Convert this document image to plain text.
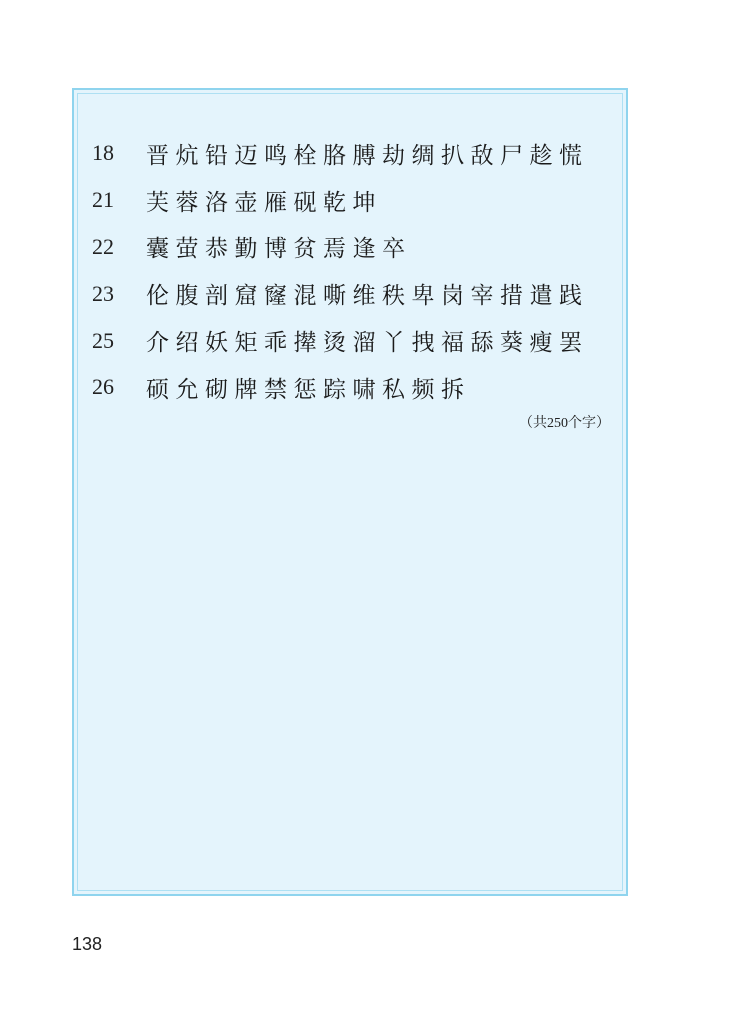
18	晋炕铅迈鸣栓胳膊劫绸扒敌尸趁慌
21	芙蓉洛壶雁砚乾坤
22	囊萤恭勤博贫焉逢卒
23	伦腹剖窟窿混嘶维秩卑岗宰措遣践
25	介绍妖矩乖撵烫溜丫拽福舔葵瘦罢
26	硕允砌牌禁惩踪啸私频拆
（共250个字）
138
